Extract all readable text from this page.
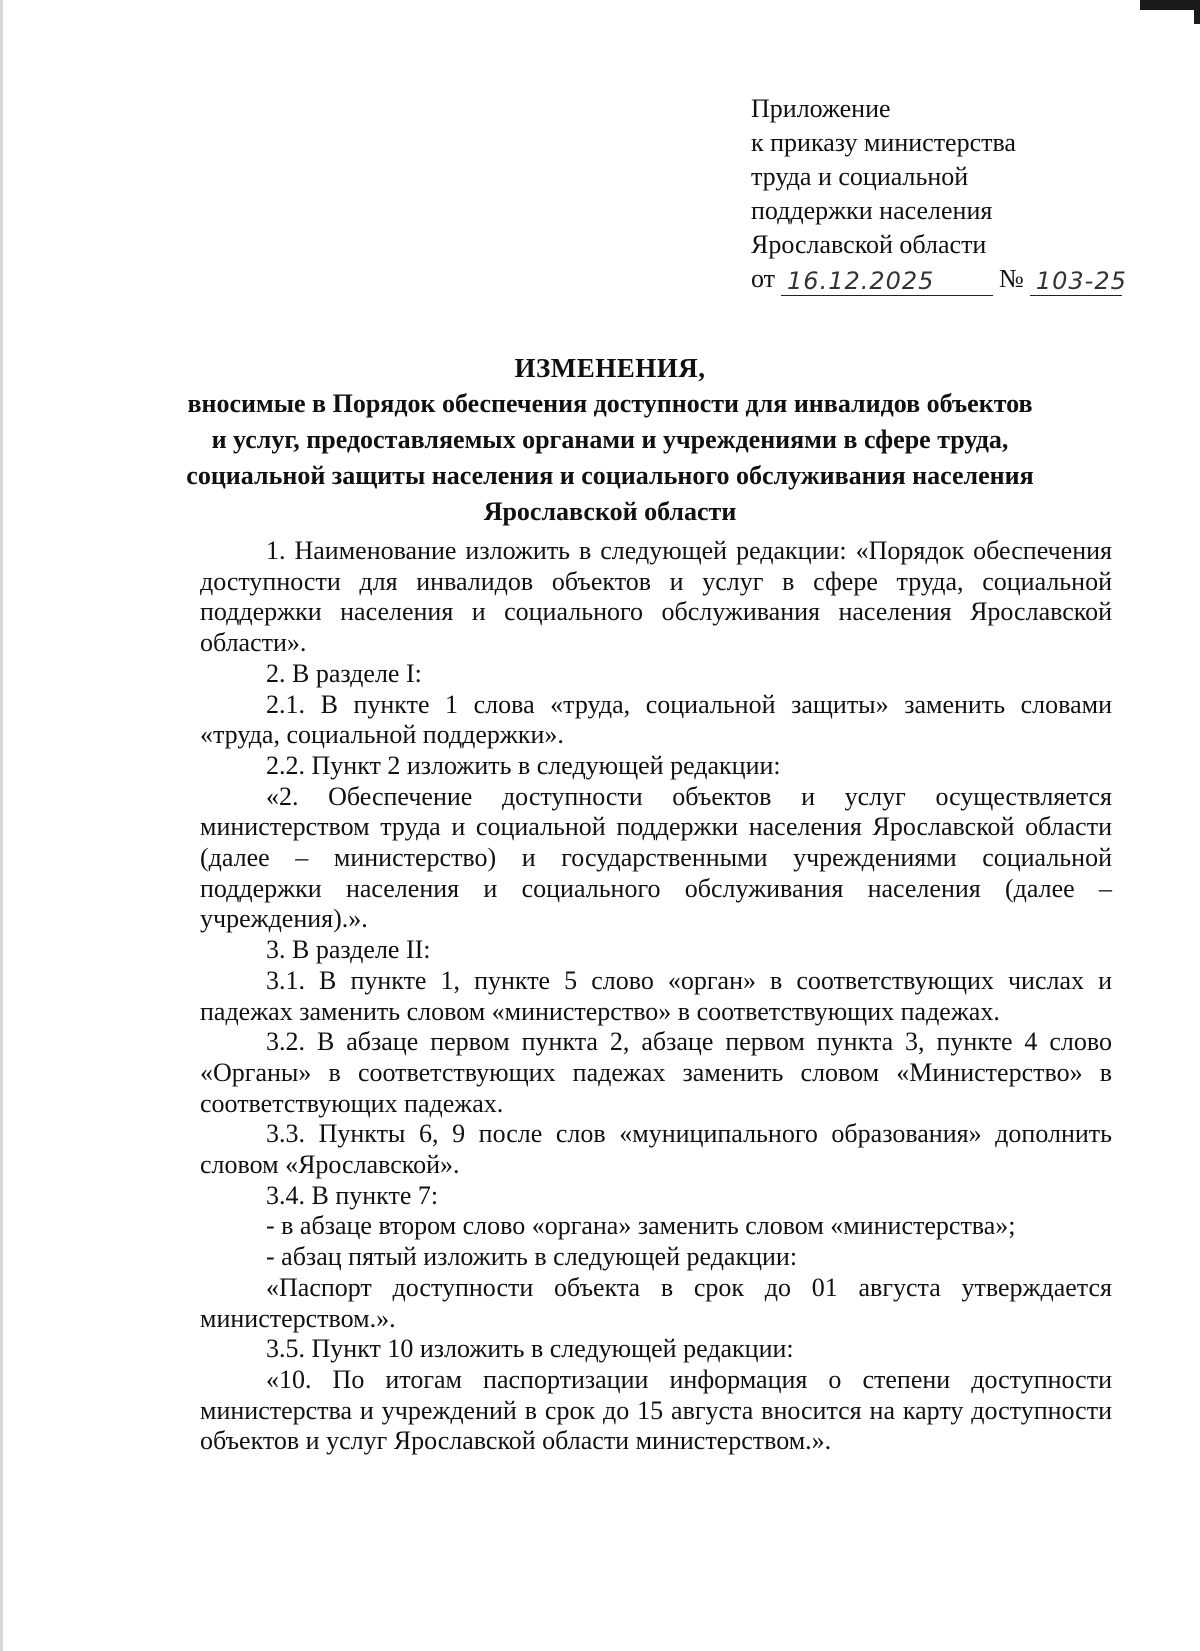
Приложение
к приказу министерства
труда и социальной
поддержки населения
Ярославской области
от 16.12.2025	№ 103-25
ИЗМЕНЕНИЯ,
вносимые в Порядок обеспечения доступности для инвалидов объектов
и услуг, предоставляемых органами и учреждениями в сфере труда,
социальной защиты населения и социального обслуживания населения
Ярославской области

1. Наименование изложить в следующей редакции: «Порядок обеспечения доступности для инвалидов объектов и услуг в сфере труда, социальной поддержки населения и социального обслуживания населения Ярославской области».

2. В разделе I:

2.1. В пункте 1 слова «труда, социальной защиты» заменить словами «труда, социальной поддержки».

2.2. Пункт 2 изложить в следующей редакции:

«2. Обеспечение доступности объектов и услуг осуществляется министерством труда и социальной поддержки населения Ярославской области (далее – министерство) и государственными учреждениями социальной поддержки населения и социального обслуживания населения (далее – учреждения).».

3. В разделе II:

3.1. В пункте 1, пункте 5 слово «орган» в соответствующих числах и падежах заменить словом «министерство» в соответствующих падежах.

3.2. В абзаце первом пункта 2, абзаце первом пункта 3, пункте 4 слово «Органы» в соответствующих падежах заменить словом «Министерство» в соответствующих падежах.

3.3. Пункты 6, 9 после слов «муниципального образования» дополнить словом «Ярославской».

3.4. В пункте 7:

- в абзаце втором слово «органа» заменить словом «министерства»;

- абзац пятый изложить в следующей редакции:

«Паспорт доступности объекта в срок до 01 августа утверждается министерством.».

3.5. Пункт 10 изложить в следующей редакции:

«10. По итогам паспортизации информация о степени доступности министерства и учреждений в срок до 15 августа вносится на карту доступности объектов и услуг Ярославской области министерством.».
